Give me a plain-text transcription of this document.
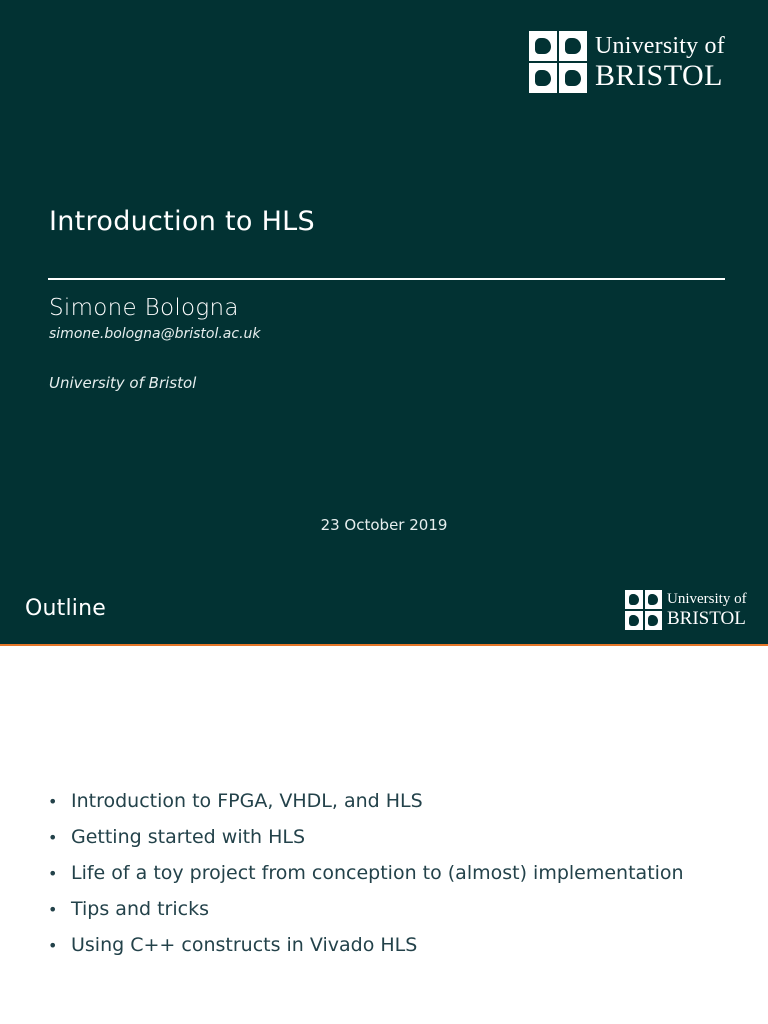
University of
BRISTOL
Introduction to HLS
Simone Bologna
simone.bologna@bristol.ac.uk
University of Bristol
23 October 2019
Outline	University of
BRISTOL
• Introduction to FPGA, VHDL, and HLS
• Getting started with HLS
• Life of a toy project from conception to (almost) implementation
• Tips and tricks
• Using C++ constructs in Vivado HLS
